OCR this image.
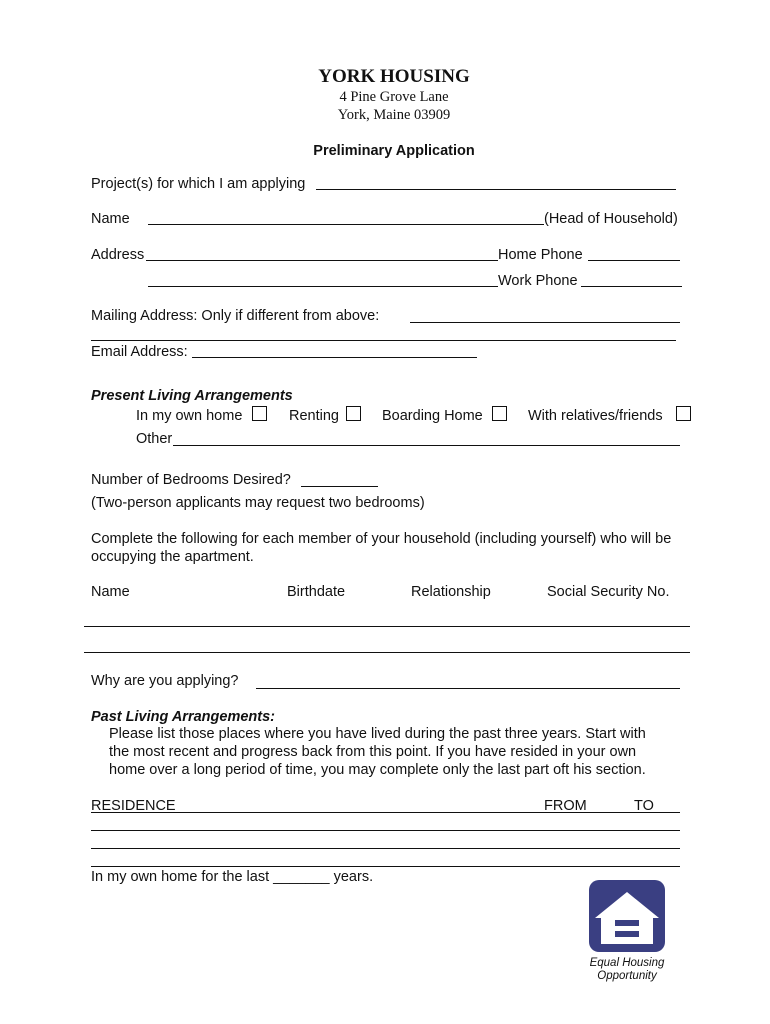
YORK HOUSING
4 Pine Grove Lane
York, Maine 03909
Preliminary Application
Project(s) for which I am applying
Name	(Head of Household)
Address	Home Phone
Work Phone
Mailing Address: Only if different from above:
Email Address:
Present Living Arrangements
In my own home	Renting	Boarding Home	With relatives/friends
Other
Number of Bedrooms Desired?
(Two-person applicants may request two bedrooms)
Complete the following for each member of your household (including yourself) who will be
occupying the apartment.
Name	Birthdate	Relationship	Social Security No.
Why are you applying?
Past Living Arrangements:
Please list those places where you have lived during the past three years. Start with
the most recent and progress back from this point. If you have resided in your own
home over a long period of time, you may complete only the last part oft his section.
RESIDENCE	FROM	TO
In my own home for the last _______ years.
Equal Housing
Opportunity
